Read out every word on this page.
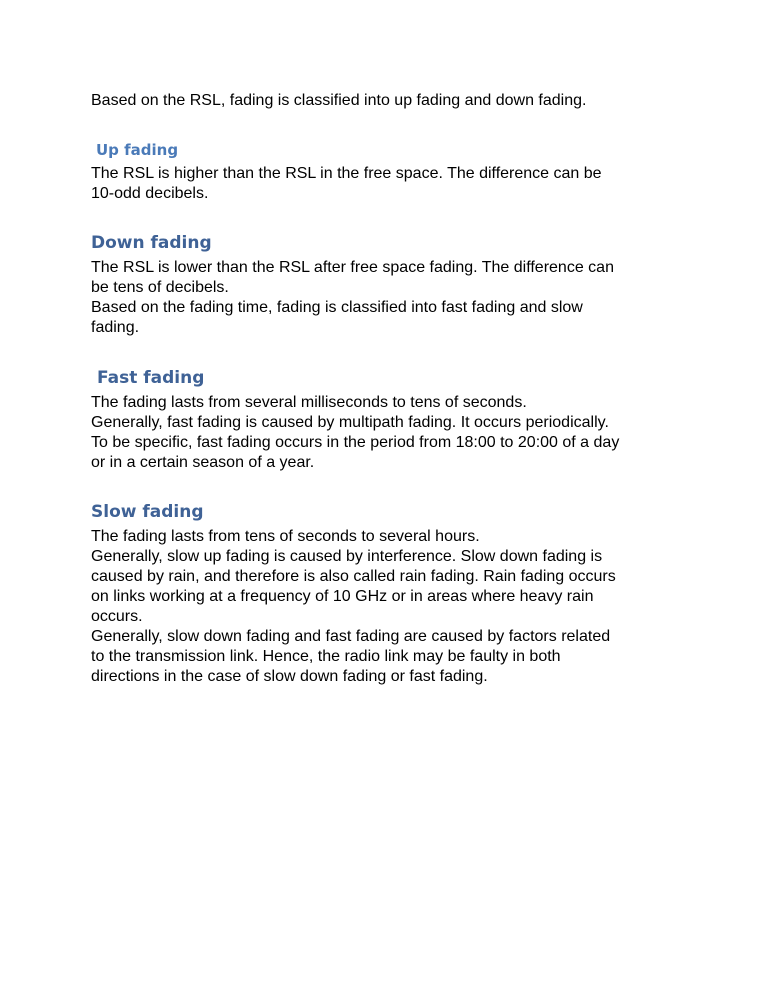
Based on the RSL, fading is classified into up fading and down fading.

Up fading

The RSL is higher than the RSL in the free space. The difference can be
10-odd decibels.

Down fading

The RSL is lower than the RSL after free space fading. The difference can
be tens of decibels.
Based on the fading time, fading is classified into fast fading and slow
fading.

Fast fading

The fading lasts from several milliseconds to tens of seconds.
Generally, fast fading is caused by multipath fading. It occurs periodically.
To be specific, fast fading occurs in the period from 18:00 to 20:00 of a day
or in a certain season of a year.

Slow fading

The fading lasts from tens of seconds to several hours.
Generally, slow up fading is caused by interference. Slow down fading is
caused by rain, and therefore is also called rain fading. Rain fading occurs
on links working at a frequency of 10 GHz or in areas where heavy rain
occurs.
Generally, slow down fading and fast fading are caused by factors related
to the transmission link. Hence, the radio link may be faulty in both
directions in the case of slow down fading or fast fading.
